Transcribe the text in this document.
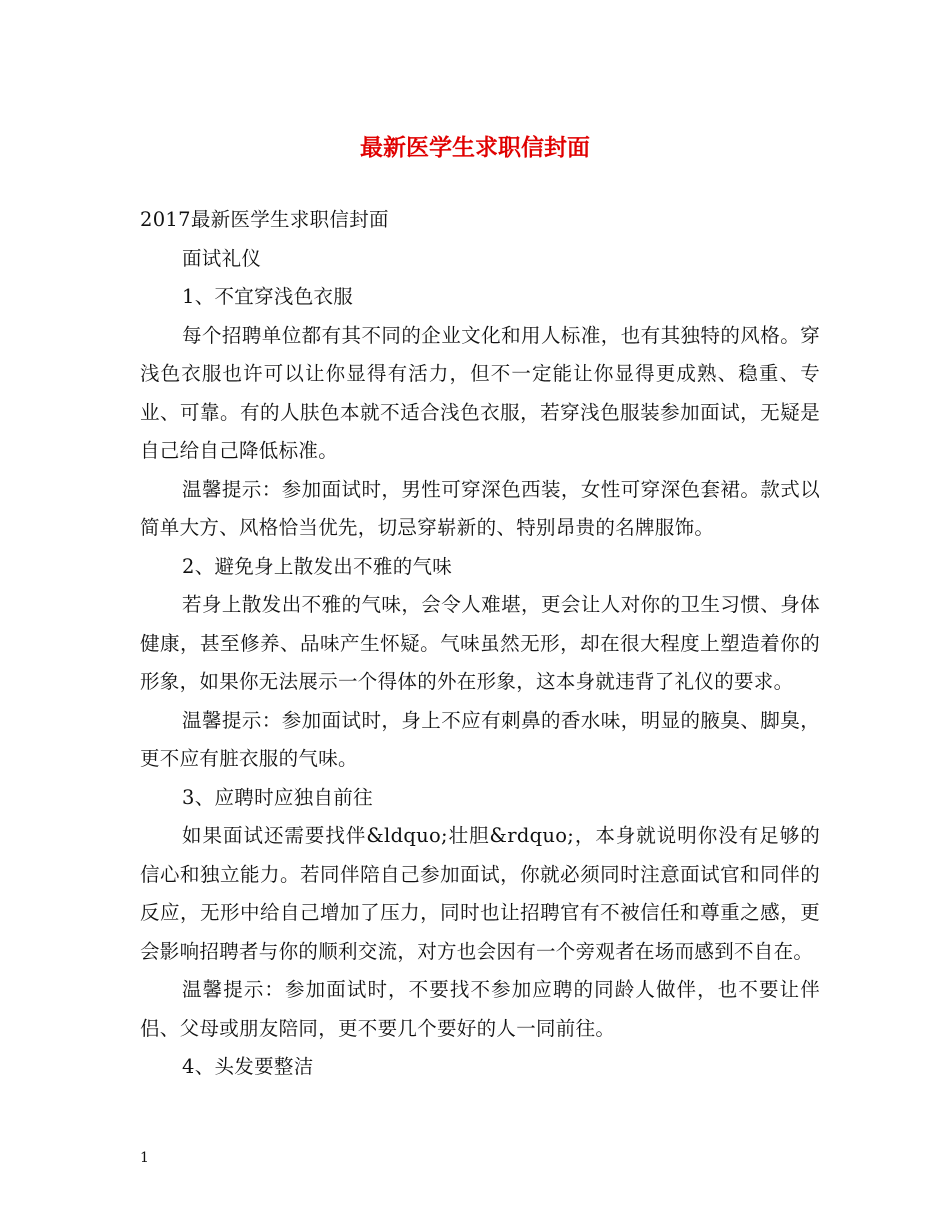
最新医学生求职信封面

2017最新医学生求职信封面

面试礼仪

1、不宜穿浅色衣服

每个招聘单位都有其不同的企业文化和用人标准，也有其独特的风格。穿浅色衣服也许可以让你显得有活力，但不一定能让你显得更成熟、稳重、专业、可靠。有的人肤色本就不适合浅色衣服，若穿浅色服装参加面试，无疑是自己给自己降低标准。

温馨提示：参加面试时，男性可穿深色西装，女性可穿深色套裙。款式以简单大方、风格恰当优先，切忌穿崭新的、特别昂贵的名牌服饰。

2、避免身上散发出不雅的气味

若身上散发出不雅的气味，会令人难堪，更会让人对你的卫生习惯、身体健康，甚至修养、品味产生怀疑。气味虽然无形，却在很大程度上塑造着你的形象，如果你无法展示一个得体的外在形象，这本身就违背了礼仪的要求。

温馨提示：参加面试时，身上不应有刺鼻的香水味，明显的腋臭、脚臭，更不应有脏衣服的气味。

3、应聘时应独自前往

如果面试还需要找伴&ldquo;壮胆&rdquo;，本身就说明你没有足够的信心和独立能力。若同伴陪自己参加面试，你就必须同时注意面试官和同伴的反应，无形中给自己增加了压力，同时也让招聘官有不被信任和尊重之感，更会影响招聘者与你的顺利交流，对方也会因有一个旁观者在场而感到不自在。

温馨提示：参加面试时，不要找不参加应聘的同龄人做伴，也不要让伴侣、父母或朋友陪同，更不要几个要好的人一同前往。

4、头发要整洁

1
